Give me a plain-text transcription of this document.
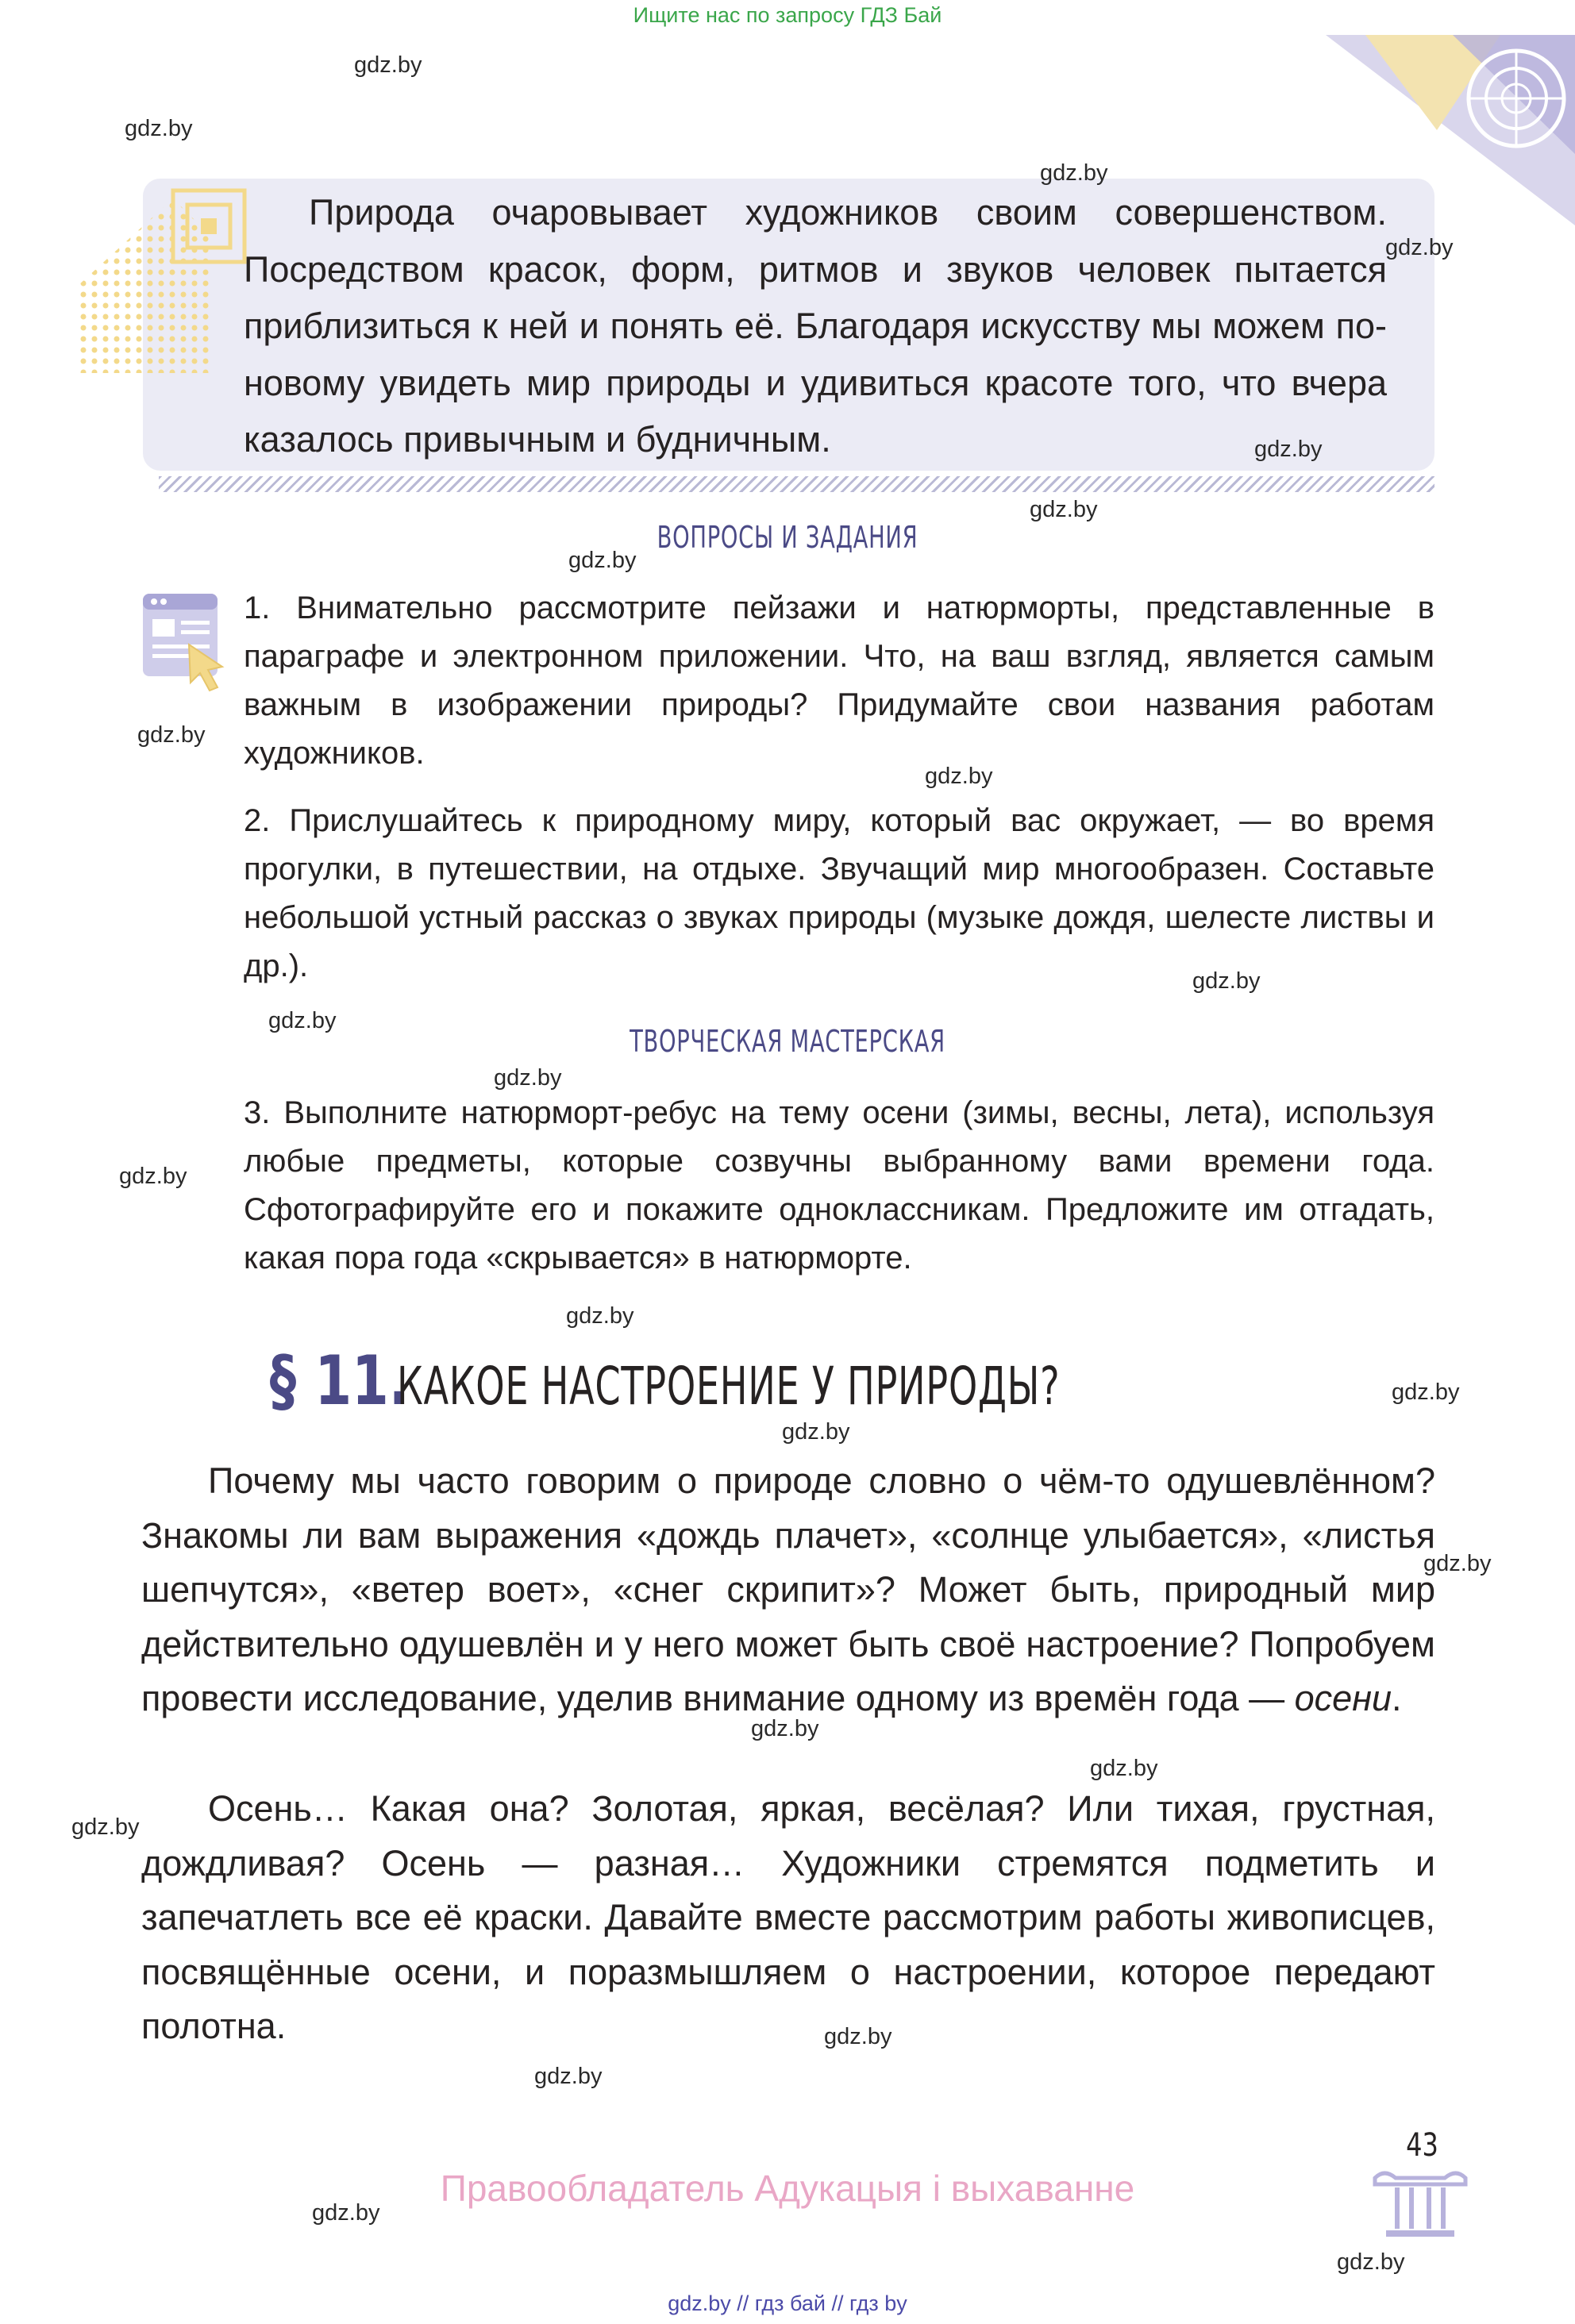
Ищите нас по запросу ГДЗ Бай

Природа очаровывает художников своим совершенством. Посредством красок, форм, ритмов и звуков человек пытается приблизиться к ней и понять её. Благодаря искусству мы можем по-новому увидеть мир природы и удивиться красоте того, что вчера казалось привычным и будничным.

ВОПРОСЫ И ЗАДАНИЯ

1. Внимательно рассмотрите пейзажи и натюрморты, представленные в параграфе и электронном приложении. Что, на ваш взгляд, является самым важным в изображении природы? Придумайте свои названия работам художников.

2. Прислушайтесь к природному миру, который вас окружает, — во время прогулки, в путешествии, на отдыхе. Звучащий мир многообразен. Составьте небольшой устный рассказ о звуках природы (музыке дождя, шелесте листвы и др.).

ТВОРЧЕСКАЯ МАСТЕРСКАЯ

3. Выполните натюрморт-ребус на тему осени (зимы, весны, лета), используя любые предметы, которые созвучны выбранному вами времени года. Сфотографируйте его и покажите одноклассникам. Предложите им отгадать, какая пора года «скрывается» в натюрморте.

§ 11. КАКОЕ НАСТРОЕНИЕ У ПРИРОДЫ?

Почему мы часто говорим о природе словно о чём-то одушевлённом? Знакомы ли вам выражения «дождь плачет», «солнце улыбается», «листья шепчутся», «ветер воет», «снег скрипит»? Может быть, природный мир действительно одушевлён и у него может быть своё настроение? Попробуем провести исследование, уделив внимание одному из времён года — осени.

Осень… Какая она? Золотая, яркая, весёлая? Или тихая, грустная, дождливая? Осень — разная… Художники стремятся подметить и запечатлеть все её краски. Давайте вместе рассмотрим работы живописцев, посвящённые осени, и поразмышляем о настроении, которое передают полотна.

43
Правообладатель Адукацыя і выхаванне
gdz.by // гдз бай // гдз by
gdz.by
gdz.by
gdz.by
gdz.by
gdz.by
gdz.by
gdz.by
gdz.by
gdz.by
gdz.by
gdz.by
gdz.by
gdz.by
gdz.by
gdz.by
gdz.by
gdz.by
gdz.by
gdz.by
gdz.by
gdz.by
gdz.by
gdz.by
gdz.by
